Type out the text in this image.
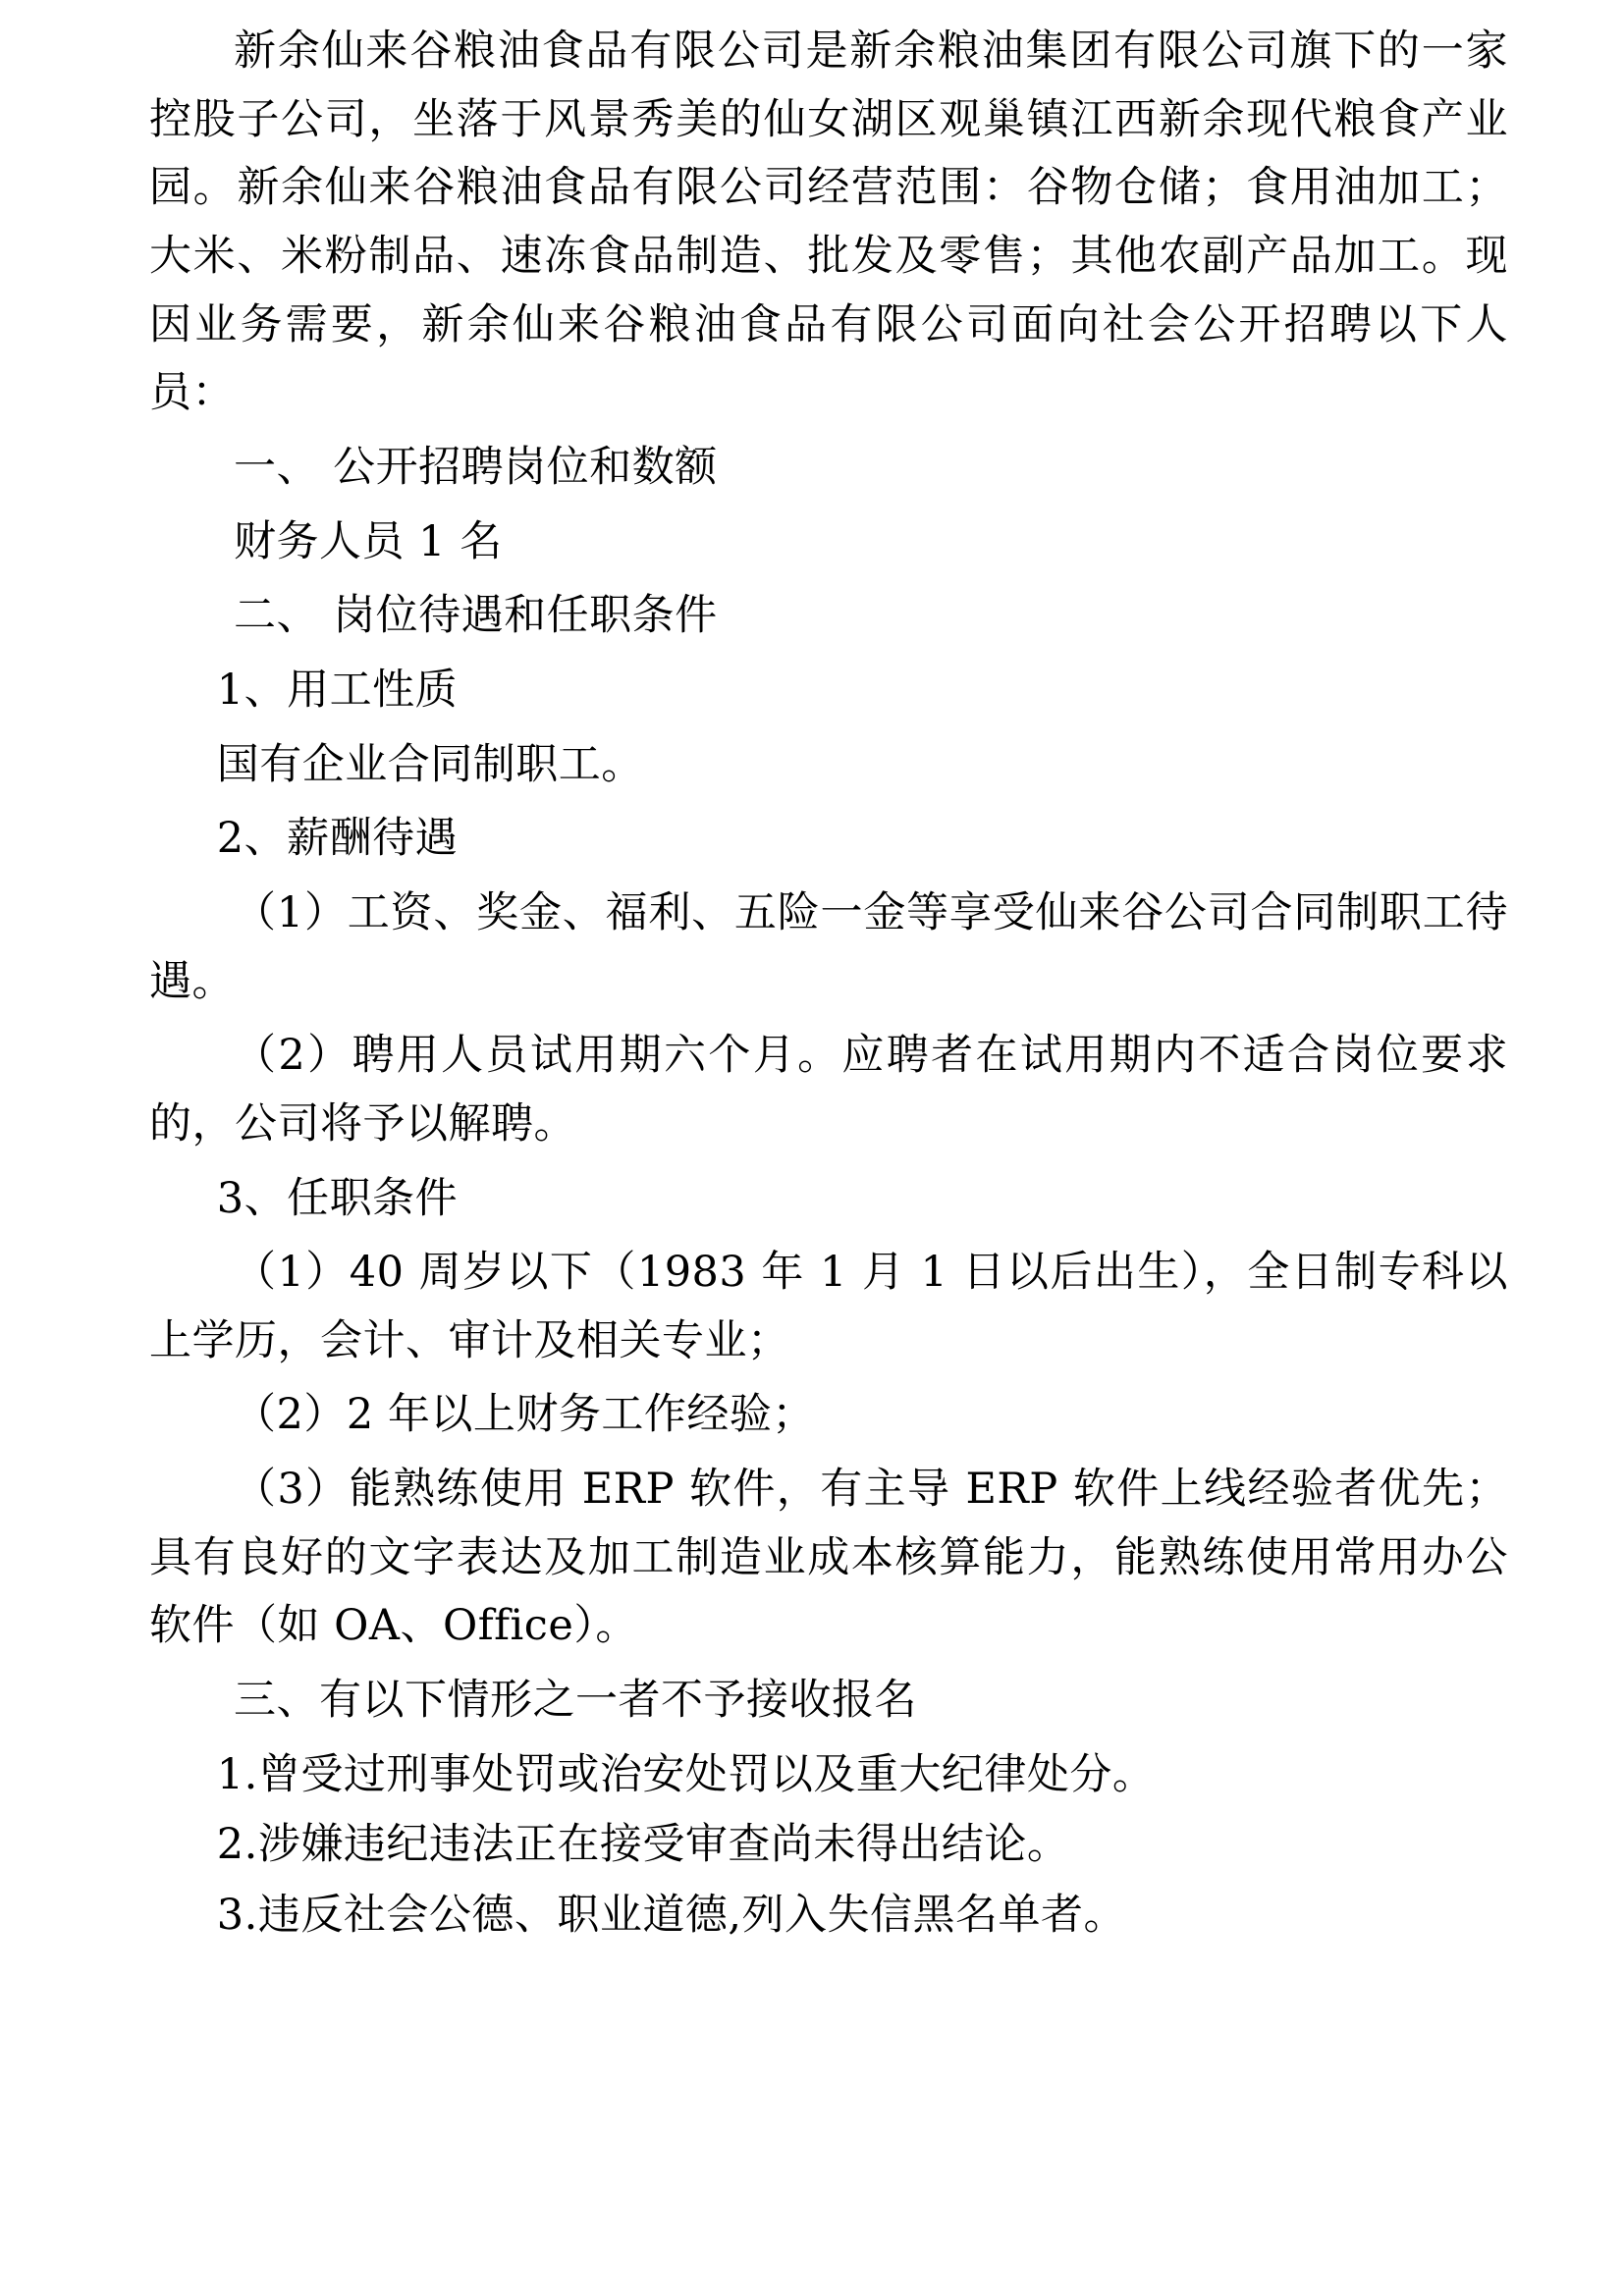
新余仙来谷粮油食品有限公司是新余粮油集团有限公司旗下的一家控股子公司，坐落于风景秀美的仙女湖区观巢镇江西新余现代粮食产业园。新余仙来谷粮油食品有限公司经营范围：谷物仓储；食用油加工；大米、米粉制品、速冻食品制造、批发及零售；其他农副产品加工。现因业务需要，新余仙来谷粮油食品有限公司面向社会公开招聘以下人员：

一、 公开招聘岗位和数额

财务人员 1 名

二、 岗位待遇和任职条件

1、用工性质

国有企业合同制职工。

2、薪酬待遇

（1）工资、奖金、福利、五险一金等享受仙来谷公司合同制职工待遇。

（2）聘用人员试用期六个月。应聘者在试用期内不适合岗位要求的，公司将予以解聘。

3、任职条件

（1）40 周岁以下（1983 年 1 月 1 日以后出生），全日制专科以上学历，会计、审计及相关专业；

（2）2 年以上财务工作经验；

（3）能熟练使用 ERP 软件，有主导 ERP 软件上线经验者优先；具有良好的文字表达及加工制造业成本核算能力，能熟练使用常用办公软件（如 OA、Office）。

三、有以下情形之一者不予接收报名

1.曾受过刑事处罚或治安处罚以及重大纪律处分。

2.涉嫌违纪违法正在接受审查尚未得出结论。

3.违反社会公德、职业道德,列入失信黑名单者。
